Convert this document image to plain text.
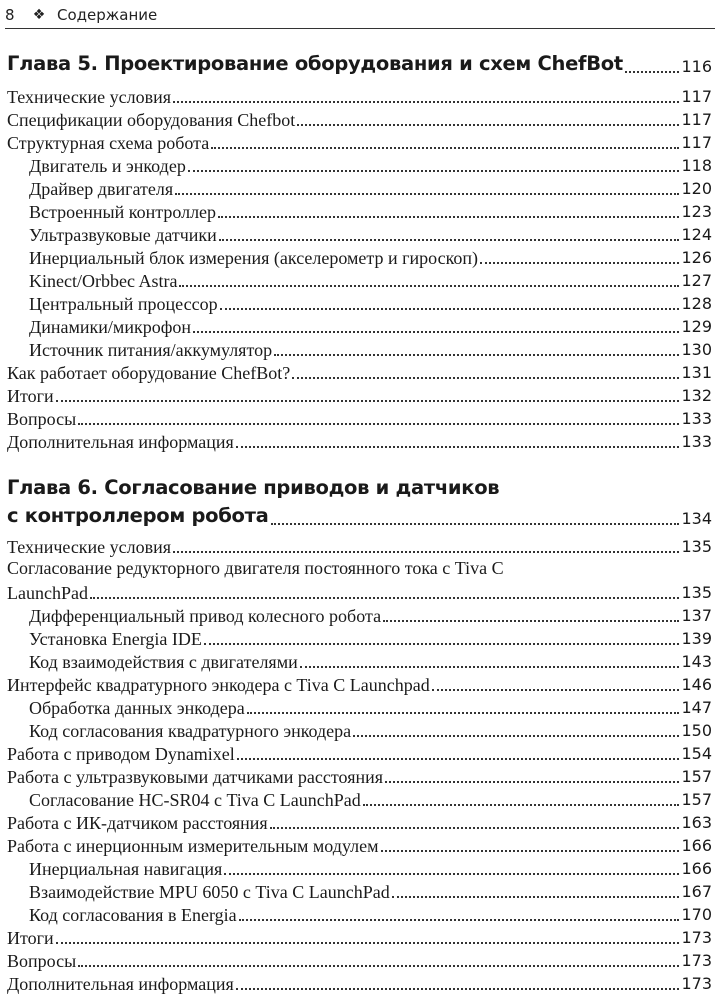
8	❖ Содержание
Глава 5. Проектирование оборудования и схем ChefBot	116
Технические условия	117
Спецификации оборудования Chefbot	117
Структурная схема робота	117
Двигатель и энкодер	118
Драйвер двигателя	120
Встроенный контроллер	123
Ультразвуковые датчики	124
Инерциальный блок измерения (акселерометр и гироскоп)	126
Kinect/Orbbec Astra	127
Центральный процессор	128
Динамики/микрофон	129
Источник питания/аккумулятор	130
Как работает оборудование ChefBot?	131
Итоги	132
Вопросы	133
Дополнительная информация	133
Глава 6. Согласование приводов и датчиков
с контроллером робота	134
Технические условия	135
Согласование редукторного двигателя постоянного тока с Tiva C
LaunchPad	135
Дифференциальный привод колесного робота	137
Установка Energia IDE	139
Код взаимодействия с двигателями	143
Интерфейс квадратурного энкодера с Tiva C Launchpad	146
Обработка данных энкодера	147
Код согласования квадратурного энкодера	150
Работа с приводом Dynamixel	154
Работа с ультразвуковыми датчиками расстояния	157
Согласование HC-SR04 с Tiva C LaunchPad	157
Работа с ИК-датчиком расстояния	163
Работа с инерционным измерительным модулем	166
Инерциальная навигация	166
Взаимодействие MPU 6050 с Tiva C LaunchPad	167
Код согласования в Energia	170
Итоги	173
Вопросы	173
Дополнительная информация	173
